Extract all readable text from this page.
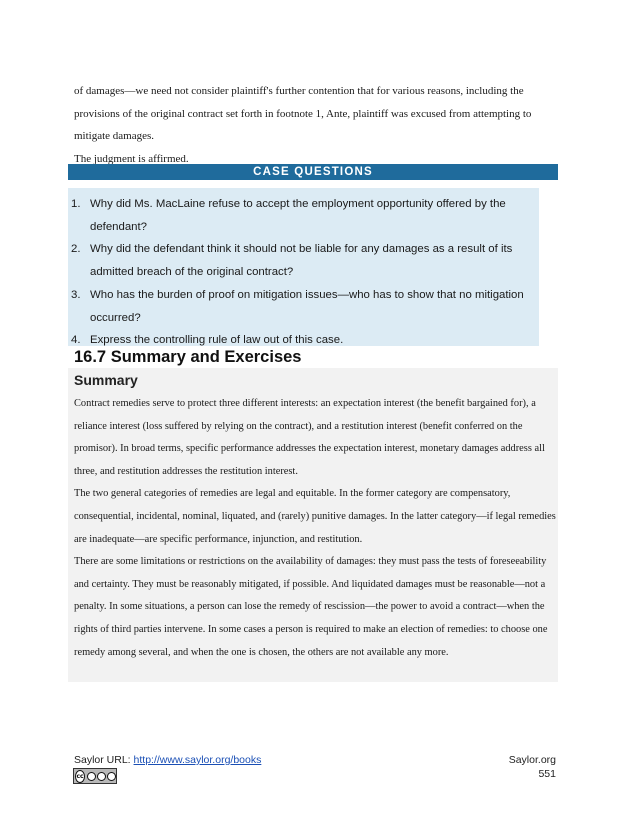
of damages—we need not consider plaintiff's further contention that for various reasons, including the provisions of the original contract set forth in footnote 1, Ante, plaintiff was excused from attempting to mitigate damages.

The judgment is affirmed.

CASE QUESTIONS
1. Why did Ms. MacLaine refuse to accept the employment opportunity offered by the defendant?
2. Why did the defendant think it should not be liable for any damages as a result of its admitted breach of the original contract?
3. Who has the burden of proof on mitigation issues—who has to show that no mitigation occurred?
4. Express the controlling rule of law out of this case.
16.7 Summary and Exercises
Summary

Contract remedies serve to protect three different interests: an expectation interest (the benefit bargained for), a reliance interest (loss suffered by relying on the contract), and a restitution interest (benefit conferred on the promisor). In broad terms, specific performance addresses the expectation interest, monetary damages address all three, and restitution addresses the restitution interest.

The two general categories of remedies are legal and equitable. In the former category are compensatory, consequential, incidental, nominal, liquated, and (rarely) punitive damages. In the latter category—if legal remedies are inadequate—are specific performance, injunction, and restitution.

There are some limitations or restrictions on the availability of damages: they must pass the tests of foreseeability and certainty. They must be reasonably mitigated, if possible. And liquidated damages must be reasonable—not a penalty. In some situations, a person can lose the remedy of rescission—the power to avoid a contract—when the rights of third parties intervene. In some cases a person is required to make an election of remedies: to choose one remedy among several, and when the one is chosen, the others are not available any more.

Saylor URL: http://www.saylor.org/books
cc
Saylor.org
551
